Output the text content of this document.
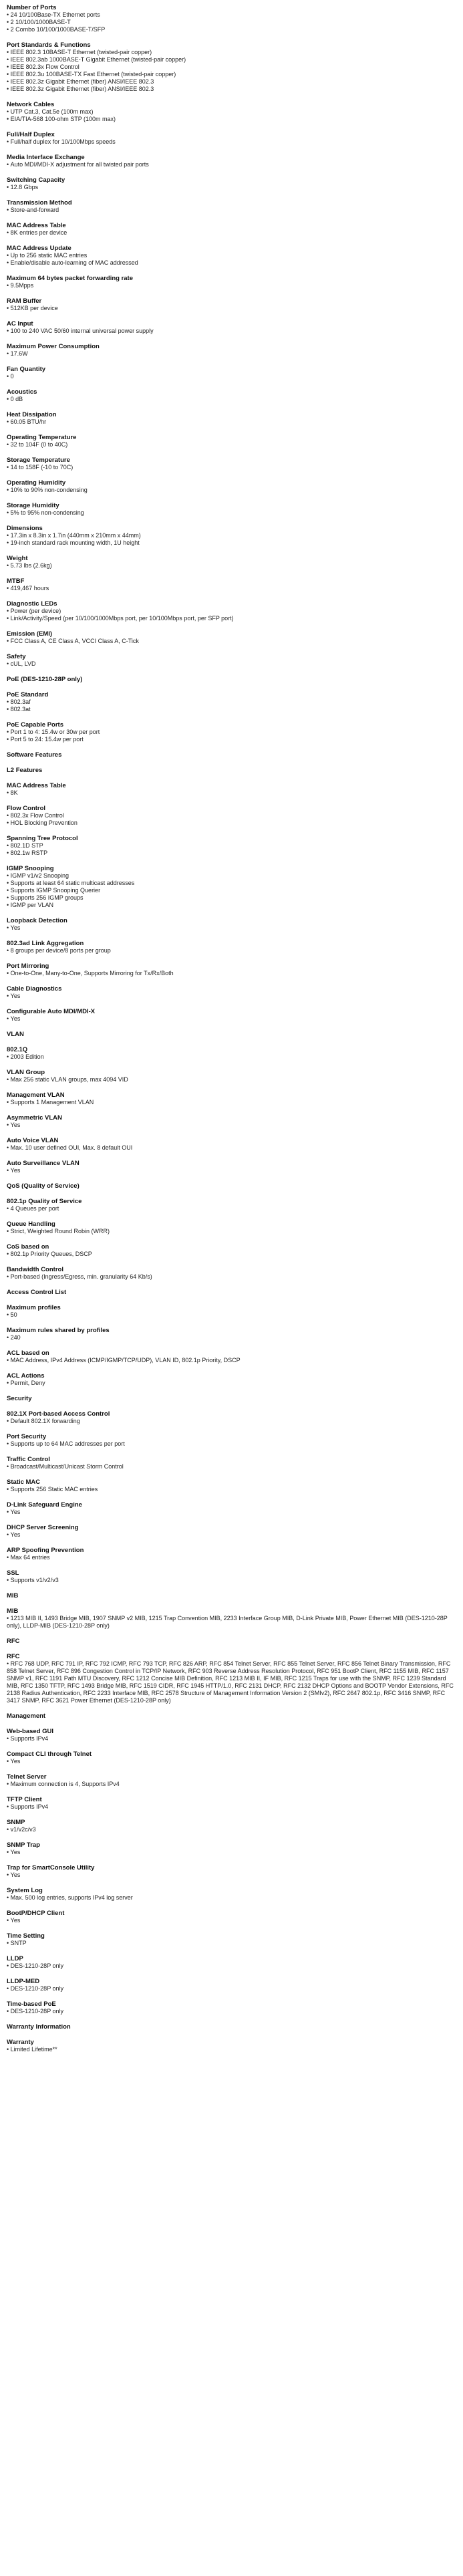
Number of Ports
• 24 10/100Base-TX Ethernet ports
• 2 10/100/1000BASE-T
• 2 Combo 10/100/1000BASE-T/SFP
Port Standards & Functions
• IEEE 802.3 10BASE-T Ethernet (twisted-pair copper)
• IEEE 802.3ab 1000BASE-T Gigabit Ethernet (twisted-pair copper)
• IEEE 802.3x Flow Control
• IEEE 802.3u 100BASE-TX Fast Ethernet (twisted-pair copper)
• IEEE 802.3z Gigabit Ethernet (fiber) ANSI/IEEE 802.3
• IEEE 802.3z Gigabit Ethernet (fiber) ANSI/IEEE 802.3
Network Cables
• UTP Cat.3, Cat.5e (100m max)
• EIA/TIA-568 100-ohm STP (100m max)
Full/Half Duplex
• Full/half duplex for 10/100Mbps speeds
Media Interface Exchange
• Auto MDI/MDI-X adjustment for all twisted pair ports
Switching Capacity
• 12.8 Gbps
Transmission Method
• Store-and-forward
MAC Address Table
• 8K entries per device
MAC Address Update
• Up to 256 static MAC entries
• Enable/disable auto-learning of MAC addressed
Maximum 64 bytes packet forwarding rate
• 9.5Mpps
RAM Buffer
• 512KB per device
AC Input
• 100 to 240 VAC 50/60 internal universal power supply
Maximum Power Consumption
• 17.6W
Fan Quantity
• 0
Acoustics
• 0 dB
Heat Dissipation
• 60.05 BTU/hr
Operating Temperature
• 32 to 104F (0 to 40C)
Storage Temperature
• 14 to 158F (-10 to 70C)
Operating Humidity
• 10% to 90% non-condensing
Storage Humidity
• 5% to 95% non-condensing
Dimensions
• 17.3in x 8.3in x 1.7in (440mm x 210mm x 44mm)
• 19-inch standard rack mounting width, 1U height
Weight
• 5.73 lbs (2.6kg)
MTBF
• 419,467 hours
Diagnostic LEDs
• Power (per device)
• Link/Activity/Speed (per 10/100/1000Mbps port, per 10/100Mbps port, per SFP port)
Emission (EMI)
• FCC Class A, CE Class A, VCCI Class A, C-Tick
Safety
• cUL, LVD
PoE (DES-1210-28P only)
PoE Standard
• 802.3af
• 802.3at
PoE Capable Ports
• Port 1 to 4: 15.4w or 30w per port
• Port 5 to 24: 15.4w per port
Software Features
L2 Features
MAC Address Table
• 8K
Flow Control
• 802.3x Flow Control
• HOL Blocking Prevention
Spanning Tree Protocol
• 802.1D STP
• 802.1w RSTP
IGMP Snooping
• IGMP v1/v2 Snooping
• Supports at least 64 static multicast addresses
• Supports IGMP Snooping Querier
• Supports 256 IGMP groups
• IGMP per VLAN
Loopback Detection
• Yes
802.3ad Link Aggregation
• 8 groups per device/8 ports per group
Port Mirroring
• One-to-One, Many-to-One, Supports Mirroring for Tx/Rx/Both
Cable Diagnostics
• Yes
Configurable Auto MDI/MDI-X
• Yes
VLAN
802.1Q
• 2003 Edition
VLAN Group
• Max 256 static VLAN groups, max 4094 VID
Management VLAN
• Supports 1 Management VLAN
Asymmetric VLAN
• Yes
Auto Voice VLAN
• Max. 10 user defined OUI, Max. 8 default OUI
Auto Surveillance VLAN
• Yes
QoS (Quality of Service)
802.1p Quality of Service
• 4 Queues per port
Queue Handling
• Strict, Weighted Round Robin (WRR)
CoS based on
• 802.1p Priority Queues, DSCP
Bandwidth Control
• Port-based (Ingress/Egress, min. granularity 64 Kb/s)
Access Control List
Maximum profiles
• 50
Maximum rules shared by profiles
• 240
ACL based on
• MAC Address, IPv4 Address (ICMP/IGMP/TCP/UDP), VLAN ID, 802.1p Priority, DSCP
ACL Actions
• Permit, Deny
Security
802.1X Port-based Access Control
• Default 802.1X forwarding
Port Security
• Supports up to 64 MAC addresses per port
Traffic Control
• Broadcast/Multicast/Unicast Storm Control
Static MAC
• Supports 256 Static MAC entries
D-Link Safeguard Engine
• Yes
DHCP Server Screening
• Yes
ARP Spoofing Prevention
• Max 64 entries
SSL
• Supports v1/v2/v3
MIB
MIB
• 1213 MIB II, 1493 Bridge MIB, 1907 SNMP v2 MIB, 1215 Trap Convention MIB, 2233 Interface Group MIB, D-Link Private MIB, Power Ethernet MIB (DES-1210-28P only), LLDP-MIB (DES-1210-28P only)
RFC
RFC
• RFC 768 UDP, RFC 791 IP, RFC 792 ICMP, RFC 793 TCP, RFC 826 ARP, RFC 854 Telnet Server, RFC 855 Telnet Server, RFC 856 Telnet Binary Transmission, RFC 858 Telnet Server, RFC 896 Congestion Control in TCP/IP Network, RFC 903 Reverse Address Resolution Protocol, RFC 951 BootP Client, RFC 1155 MIB, RFC 1157 SNMP v1, RFC 1191 Path MTU Discovery, RFC 1212 Concise MIB Definition, RFC 1213 MIB II, IF MIB, RFC 1215 Traps for use with the SNMP, RFC 1239 Standard MIB, RFC 1350 TFTP, RFC 1493 Bridge MIB, RFC 1519 CIDR, RFC 1945 HTTP/1.0, RFC 2131 DHCP, RFC 2132 DHCP Options and BOOTP Vendor Extensions, RFC 2138 Radius Authentication, RFC 2233 Interface MIB, RFC 2578 Structure of Management Information Version 2 (SMIv2), RFC 2647 802.1p, RFC 3416 SNMP, RFC 3417 SNMP, RFC 3621 Power Ethernet (DES-1210-28P only)
Management
Web-based GUI
• Supports IPv4
Compact CLI through Telnet
• Yes
Telnet Server
• Maximum connection is 4, Supports IPv4
TFTP Client
• Supports IPv4
SNMP
• v1/v2c/v3
SNMP Trap
• Yes
Trap for SmartConsole Utility
• Yes
System Log
• Max. 500 log entries, supports IPv4 log server
BootP/DHCP Client
• Yes
Time Setting
• SNTP
LLDP
• DES-1210-28P only
LLDP-MED
• DES-1210-28P only
Time-based PoE
• DES-1210-28P only
Warranty Information
Warranty
• Limited Lifetime**
